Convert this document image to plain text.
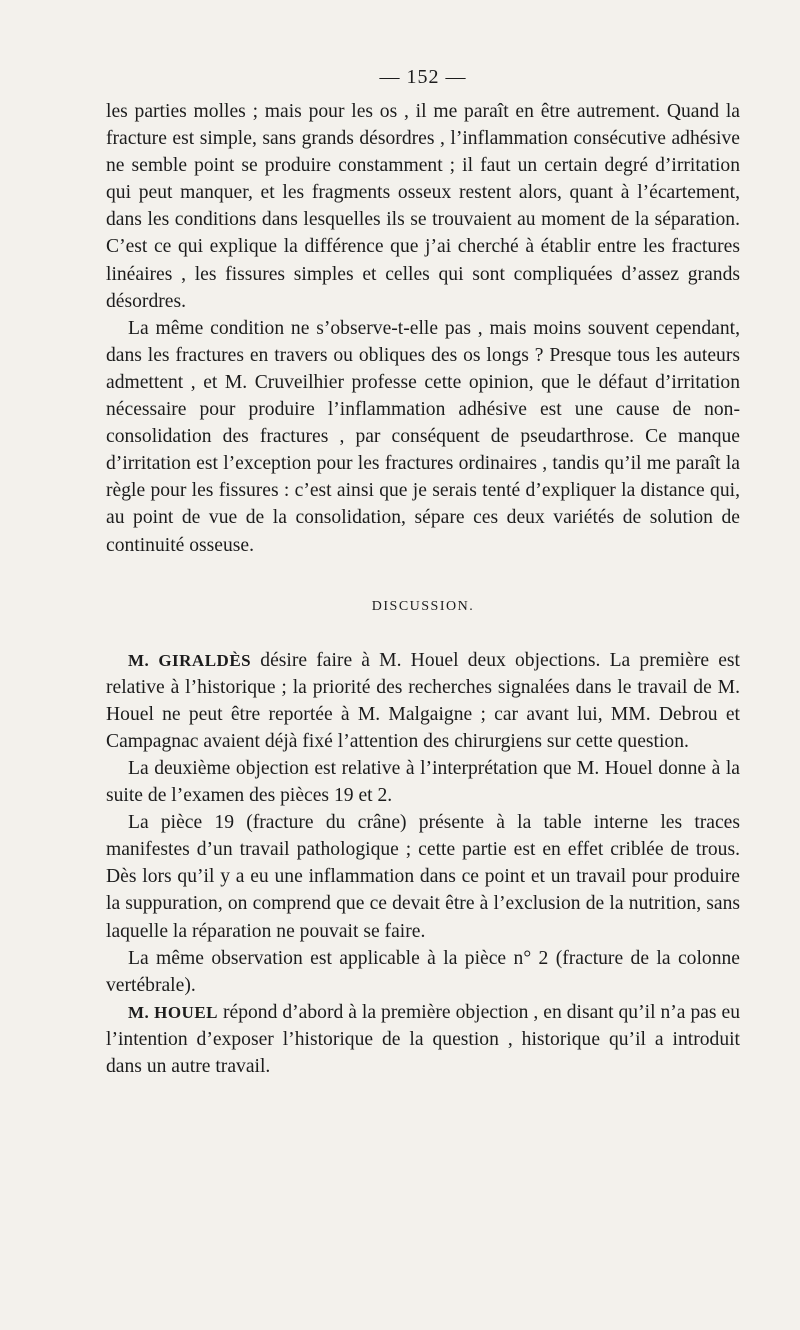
— 152 —

les parties molles ; mais pour les os , il me paraît en être autrement. Quand la fracture est simple, sans grands désordres , l’inflammation consécutive adhésive ne semble point se produire constamment ; il faut un certain degré d’irritation qui peut manquer, et les fragments osseux restent alors, quant à l’écartement, dans les conditions dans lesquelles ils se trouvaient au moment de la séparation. C’est ce qui explique la différence que j’ai cherché à établir entre les fractures linéaires , les fissures simples et celles qui sont compliquées d’assez grands désordres.

La même condition ne s’observe-t-elle pas , mais moins souvent cependant, dans les fractures en travers ou obliques des os longs ? Presque tous les auteurs admettent , et M. Cruveilhier professe cette opinion, que le défaut d’irritation nécessaire pour produire l’inflammation adhésive est une cause de non-consolidation des fractures , par conséquent de pseudarthrose. Ce manque d’irritation est l’exception pour les fractures ordinaires , tandis qu’il me paraît la règle pour les fissures : c’est ainsi que je serais tenté d’expliquer la distance qui, au point de vue de la consolidation, sépare ces deux variétés de solution de continuité osseuse.

DISCUSSION.

M. GIRALDÈS désire faire à M. Houel deux objections. La première est relative à l’historique ; la priorité des recherches signalées dans le travail de M. Houel ne peut être reportée à M. Malgaigne ; car avant lui, MM. Debrou et Campagnac avaient déjà fixé l’attention des chirurgiens sur cette question.

La deuxième objection est relative à l’interprétation que M. Houel donne à la suite de l’examen des pièces 19 et 2.

La pièce 19 (fracture du crâne) présente à la table interne les traces manifestes d’un travail pathologique ; cette partie est en effet criblée de trous. Dès lors qu’il y a eu une inflammation dans ce point et un travail pour produire la suppuration, on comprend que ce devait être à l’exclusion de la nutrition, sans laquelle la réparation ne pouvait se faire.

La même observation est applicable à la pièce n° 2 (fracture de la colonne vertébrale).

M. HOUEL répond d’abord à la première objection , en disant qu’il n’a pas eu l’intention d’exposer l’historique de la question , historique qu’il a introduit dans un autre travail.
